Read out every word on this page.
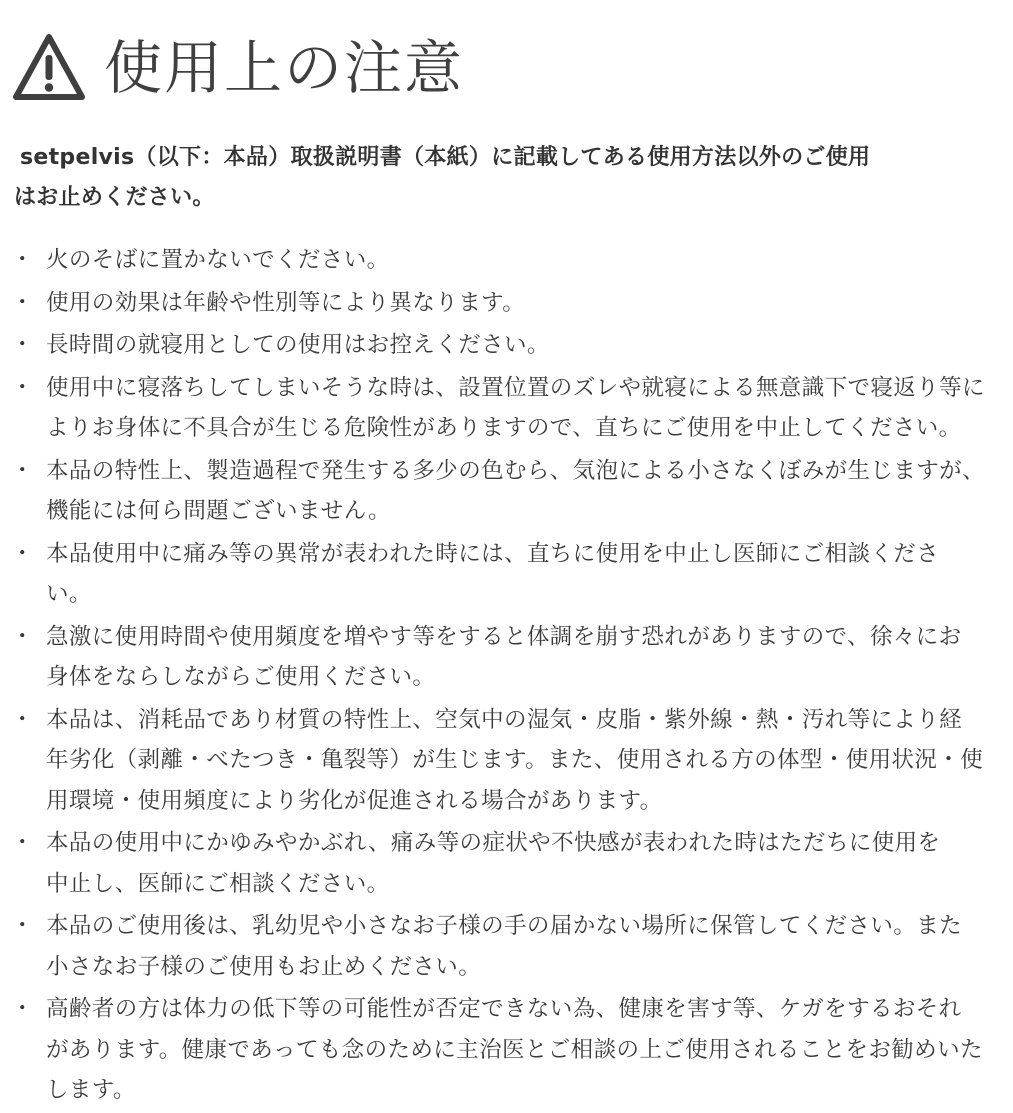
使用上の注意
setpelvis（以下：本品）取扱説明書（本紙）に記載してある使用方法以外のご使用
はお止めください。
・ 火のそばに置かないでください。
・ 使用の効果は年齢や性別等により異なります。
・ 長時間の就寝用としての使用はお控えください。
・ 使用中に寝落ちしてしまいそうな時は、設置位置のズレや就寝による無意識下で寝返り等に
よりお身体に不具合が生じる危険性がありますので、直ちにご使用を中止してください。
・ 本品の特性上、製造過程で発生する多少の色むら、気泡による小さなくぼみが生じますが、
機能には何ら問題ございません。
・ 本品使用中に痛み等の異常が表われた時には、直ちに使用を中止し医師にご相談くださ
い。
・ 急激に使用時間や使用頻度を増やす等をすると体調を崩す恐れがありますので、徐々にお
身体をならしながらご使用ください。
・ 本品は、消耗品であり材質の特性上、空気中の湿気・皮脂・紫外線・熱・汚れ等により経
年劣化（剥離・べたつき・亀裂等）が生じます。また、使用される方の体型・使用状況・使
用環境・使用頻度により劣化が促進される場合があります。
・ 本品の使用中にかゆみやかぶれ、痛み等の症状や不快感が表われた時はただちに使用を
中止し、医師にご相談ください。
・ 本品のご使用後は、乳幼児や小さなお子様の手の届かない場所に保管してください。また
小さなお子様のご使用もお止めください。
・ 高齢者の方は体力の低下等の可能性が否定できない為、健康を害す等、ケガをするおそれ
があります。健康であっても念のために主治医とご相談の上ご使用されることをお勧めいた
します。
